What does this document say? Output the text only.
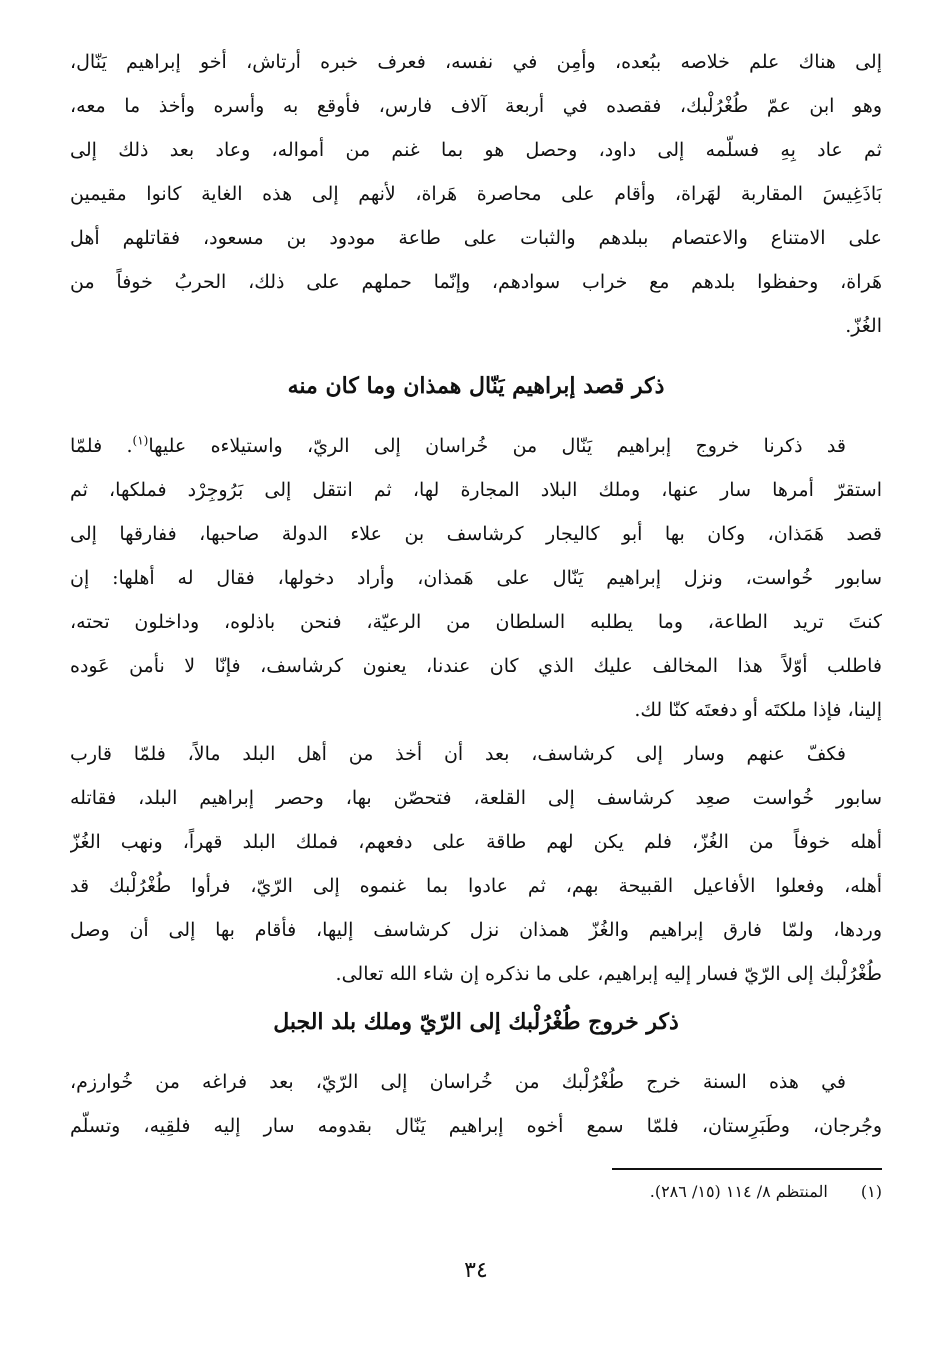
إلى هناك علم خلاصه ببُعده، وأمِن في نفسه، فعرف خبره أرتاش، أخو إبراهيم يَنّال،
وهو ابن عمّ طُغْرُلْبك، فقصده في أربعة آلاف فارس، فأوقع به وأسره وأخذ ما معه،
ثم عاد بِهِ فسلّمه إلى داود، وحصل هو بما غنم من أمواله، وعاد بعد ذلك إلى
بَاذَغِيسَ المقاربة لهَراة، وأقام على محاصرة هَراة، لأنهم إلى هذه الغاية كانوا مقيمين
على الامتناع والاعتصام ببلدهم والثبات على طاعة مودود بن مسعود، فقاتلهم أهل
هَراة، وحفظوا بلدهم مع خراب سوادهم، وإنّما حملهم على ذلك، الحربُ خوفاً من
الغُزّ.
ذكر قصد إبراهيم يَنّال همذان وما كان منه
قد ذكرنا خروج إبراهيم يَنّال من خُراسان إلى الريّ، واستيلاءه عليها$^{(١)}$. فلمّا
استقرّ أمرها سار عنها، وملك البلاد المجارة لها، ثم انتقل إلى بَرُوجِرْد فملكها، ثم
قصد هَمَذان، وكان بها أبو كاليجار كرشاسف بن علاء الدولة صاحبها، ففارقها إلى
سابور خُواست، ونزل إبراهيم يَنّال على هَمذان، وأراد دخولها، فقال له أهلها: إن
كنتَ تريد الطاعة، وما يطلبه السلطان من الرعيّة، فنحن باذلوه، وداخلون تحته،
فاطلب أوّلاً هذا المخالف عليك الذي كان عندنا، يعنون كرشاسف، فإنّا لا نأمن عَوده
إلينا، فإذا ملكتَه أو دفعتَه كنّا لك.
فكفّ عنهم وسار إلى كرشاسف، بعد أن أخذ من أهل البلد مالاً، فلمّا قارب
سابور خُواست صعِد كرشاسف إلى القلعة، فتحصّن بها، وحصر إبراهيم البلد، فقاتله
أهله خوفاً من الغُزّ، فلم يكن لهم طاقة على دفعهم، فملك البلد قهراً، ونهب الغُزّ
أهله، وفعلوا الأفاعيل القبيحة بهم، ثم عادوا بما غنموه إلى الرّيّ، فرأوا طُغْرُلْبك قد
وردها، ولمّا فارق إبراهيم والغُزّ همذان نزل كرشاسف إليها، فأقام بها إلى أن وصل
طُغْرُلْبك إلى الرّيّ فسار إليه إبراهيم، على ما نذكره إن شاء الله تعالى.
ذكر خروج طُغْرُلْبك إلى الرّيّ وملك بلد الجبل
في هذه السنة خرج طُغْرُلْبك من خُراسان إلى الرّيّ، بعد فراغه من خُوارزم،
وجُرجان، وطَبَرِستان، فلمّا سمع أخوه إبراهيم يَنّال بقدومه سار إليه فلقِيه، وتسلّم
(١) المنتظم ٨/ ١١٤ (١٥/ ٢٨٦).
٣٤
